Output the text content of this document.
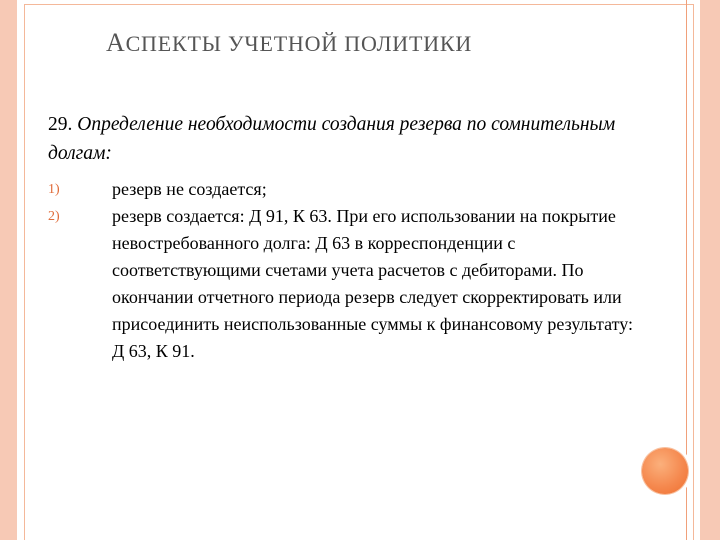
АСПЕКТЫ УЧЕТНОЙ ПОЛИТИКИ

29. Определение необходимости создания резерва по сомнительным долгам:

1)	резерв не создается;
2)	резерв создается: Д 91, К 63. При его использовании на покрытие невостребованного долга: Д 63 в корреспонденции с соответствующими счетами учета расчетов с дебиторами. По окончании отчетного периода резерв следует скорректировать или присоединить неиспользованные суммы к финансовому результату: Д 63, К 91.
